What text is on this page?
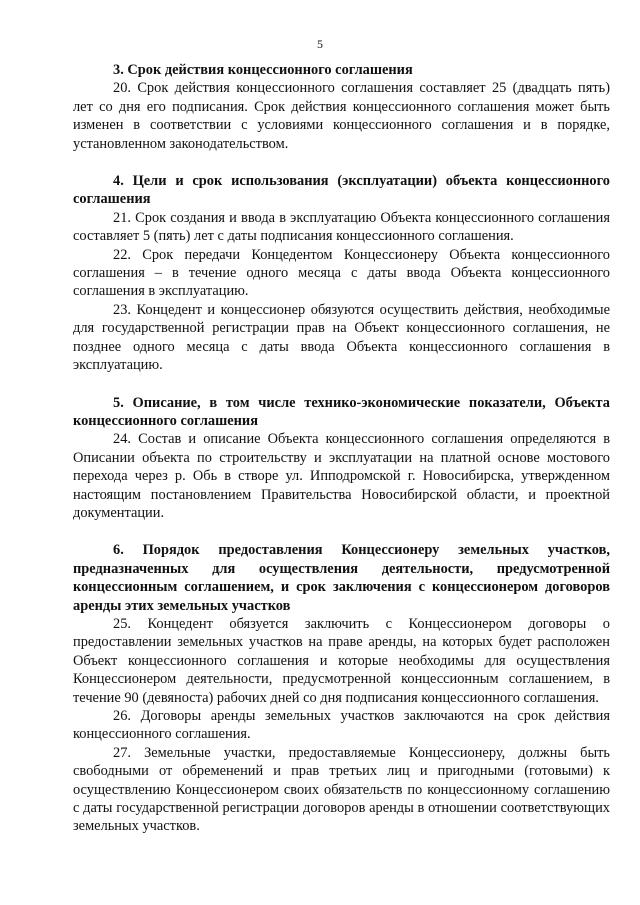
5

3. Срок действия концессионного соглашения

20. Срок действия концессионного соглашения составляет 25 (двадцать пять) лет со дня его подписания. Срок действия концессионного соглашения может быть изменен в соответствии с условиями концессионного соглашения и в порядке, установленном законодательством.

4. Цели и срок использования (эксплуатации) объекта концессионного соглашения

21. Срок создания и ввода в эксплуатацию Объекта концессионного соглашения составляет 5 (пять) лет с даты подписания концессионного соглашения.

22. Срок передачи Концедентом Концессионеру Объекта концессионного соглашения – в течение одного месяца с даты ввода Объекта концессионного соглашения в эксплуатацию.

23. Концедент и концессионер обязуются осуществить действия, необходимые для государственной регистрации прав на Объект концессионного соглашения, не позднее одного месяца с даты ввода Объекта концессионного соглашения в эксплуатацию.

5. Описание, в том числе технико-экономические показатели, Объекта концессионного соглашения

24. Состав и описание Объекта концессионного соглашения определяются в Описании объекта по строительству и эксплуатации на платной основе мостового перехода через р. Обь в створе ул. Ипподромской г. Новосибирска, утвержденном настоящим постановлением Правительства Новосибирской области, и проектной документации.

6. Порядок предоставления Концессионеру земельных участков, предназначенных для осуществления деятельности, предусмотренной концессионным соглашением, и срок заключения с концессионером договоров аренды этих земельных участков

25. Концедент обязуется заключить с Концессионером договоры о предоставлении земельных участков на праве аренды, на которых будет расположен Объект концессионного соглашения и которые необходимы для осуществления Концессионером деятельности, предусмотренной концессионным соглашением, в течение 90 (девяноста) рабочих дней со дня подписания концессионного соглашения.

26. Договоры аренды земельных участков заключаются на срок действия концессионного соглашения.

27. Земельные участки, предоставляемые Концессионеру, должны быть свободными от обременений и прав третьих лиц и пригодными (готовыми) к осуществлению Концессионером своих обязательств по концессионному соглашению с даты государственной регистрации договоров аренды в отношении соответствующих земельных участков.
